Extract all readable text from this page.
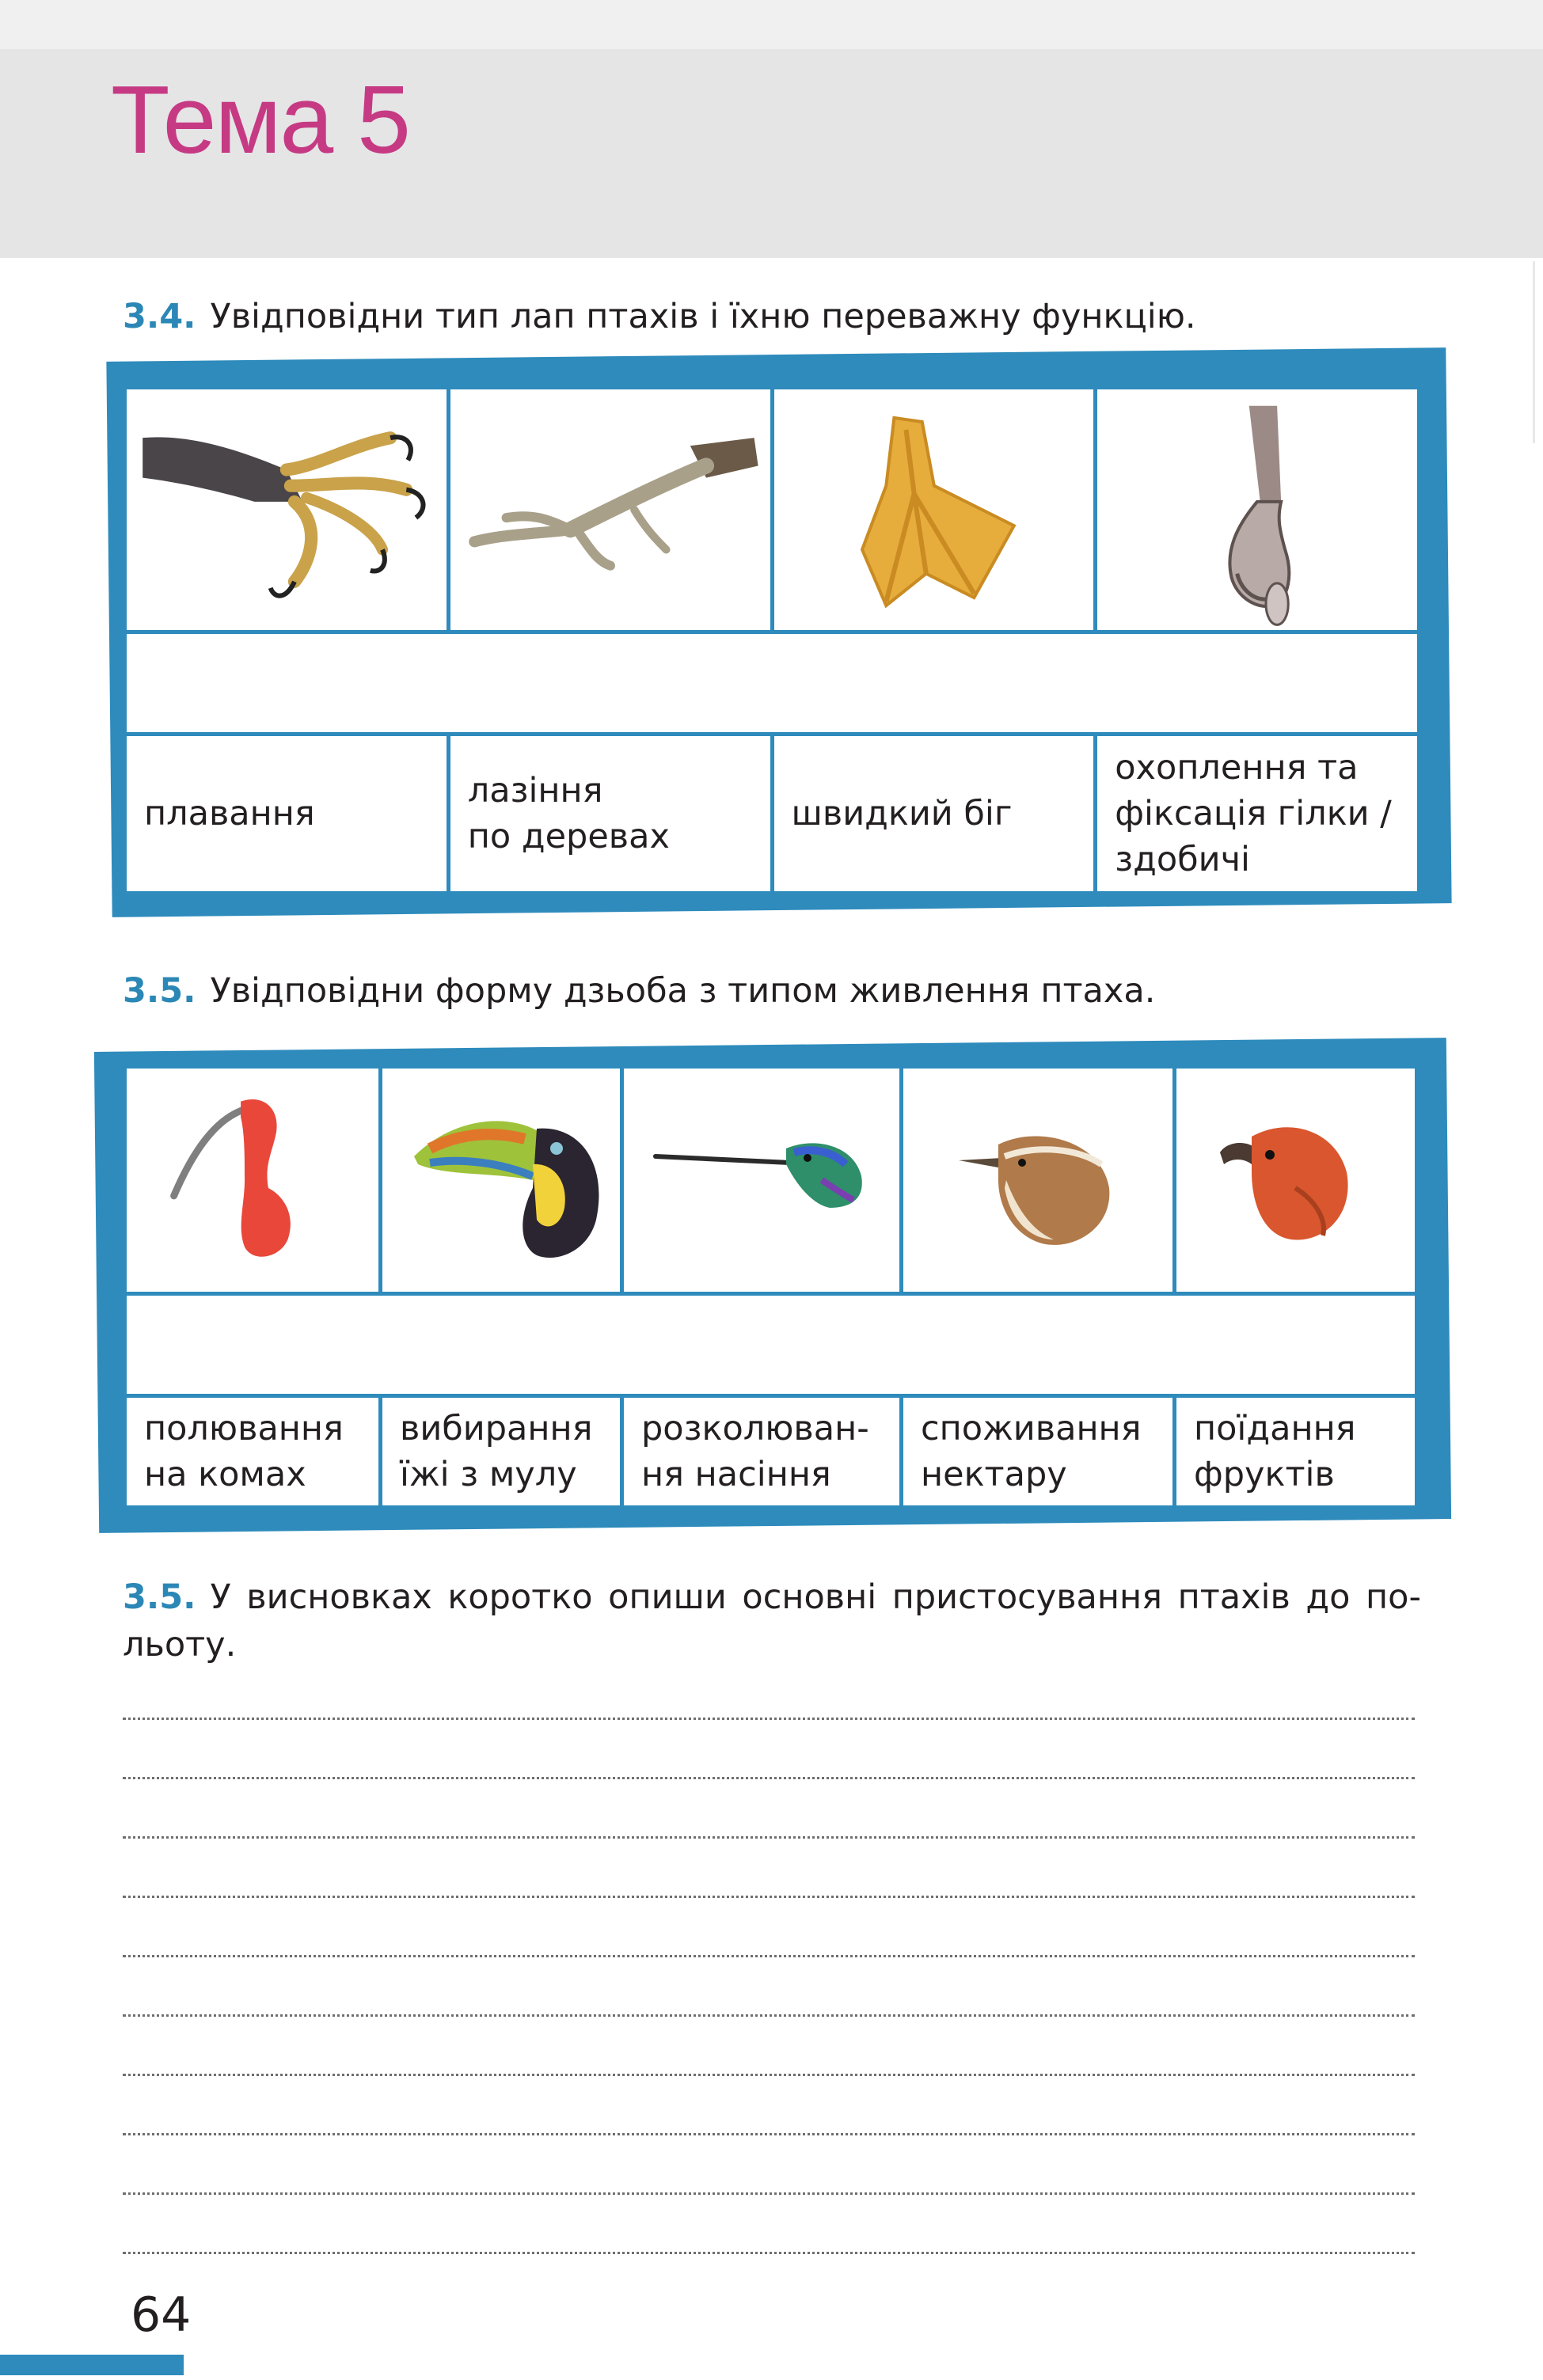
Тема 5
3.4. Увідповідни тип лап птахів і їхню переважну функцію.
плавання
лазіння
по деревах
швидкий біг
охоплення та
фіксація гілки /
здобичі
3.5. Увідповідни форму дзьоба з типом живлення птаха.
полювання
на комах
вибирання
їжі з мулу
розколюван-
ня насіння
споживання
нектару
поїдання
фруктів
3.5. У висновках коротко опиши основні пристосування птахів до по-льоту.
64
